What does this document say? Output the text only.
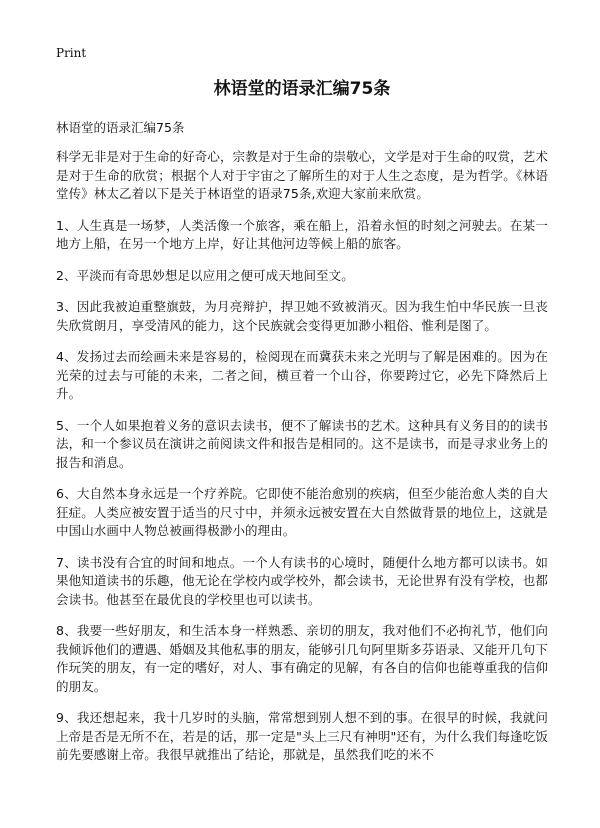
Print
林语堂的语录汇编75条
林语堂的语录汇编75条
科学无非是对于生命的好奇心，宗教是对于生命的崇敬心，文学是对于生命的叹赏，艺术是对于生命的欣赏；根据个人对于宇宙之了解所生的对于人生之态度，是为哲学。《林语堂传》林太乙着以下是关于林语堂的语录75条,欢迎大家前来欣赏。
1、人生真是一场梦，人类活像一个旅客，乘在船上，沿着永恒的时刻之河驶去。在某一地方上船，在另一个地方上岸，好让其他河边等候上船的旅客。
2、平淡而有奇思妙想足以应用之便可成天地间至文。
3、因此我被迫重整旗鼓，为月亮辩护，捍卫她不致被消灭。因为我生怕中华民族一旦丧失欣赏朗月，享受清风的能力，这个民族就会变得更加渺小粗俗、惟利是图了。
4、发扬过去而绘画未来是容易的，检阅现在而冀获未来之光明与了解是困难的。因为在光荣的过去与可能的未来，二者之间，横亘着一个山谷，你要跨过它，必先下降然后上升。
5、一个人如果抱着义务的意识去读书，便不了解读书的艺术。这种具有义务目的的读书法，和一个参议员在演讲之前阅读文件和报告是相同的。这不是读书，而是寻求业务上的报告和消息。
6、大自然本身永远是一个疗养院。它即使不能治愈别的疾病，但至少能治愈人类的自大狂症。人类应被安置于适当的尺寸中，并须永远被安置在大自然做背景的地位上，这就是中国山水画中人物总被画得极渺小的理由。
7、读书没有合宜的时间和地点。一个人有读书的心境时，随便什么地方都可以读书。如果他知道读书的乐趣，他无论在学校内或学校外，都会读书，无论世界有没有学校，也都会读书。他甚至在最优良的学校里也可以读书。
8、我要一些好朋友，和生活本身一样熟悉、亲切的朋友，我对他们不必拘礼节，他们向我倾诉他们的遭遇、婚姻及其他私事的朋友，能够引几句阿里斯多芬语录、又能开几句下作玩笑的朋友，有一定的嗜好，对人、事有确定的见解，有各自的信仰也能尊重我的信仰的朋友。
9、我还想起来，我十几岁时的头脑，常常想到别人想不到的事。在很早的时候，我就问上帝是否是无所不在，若是的话，那一定是"头上三尺有神明"还有，为什么我们每逢吃饭前先要感谢上帝。我很早就推出了结论，那就是，虽然我们吃的米不
